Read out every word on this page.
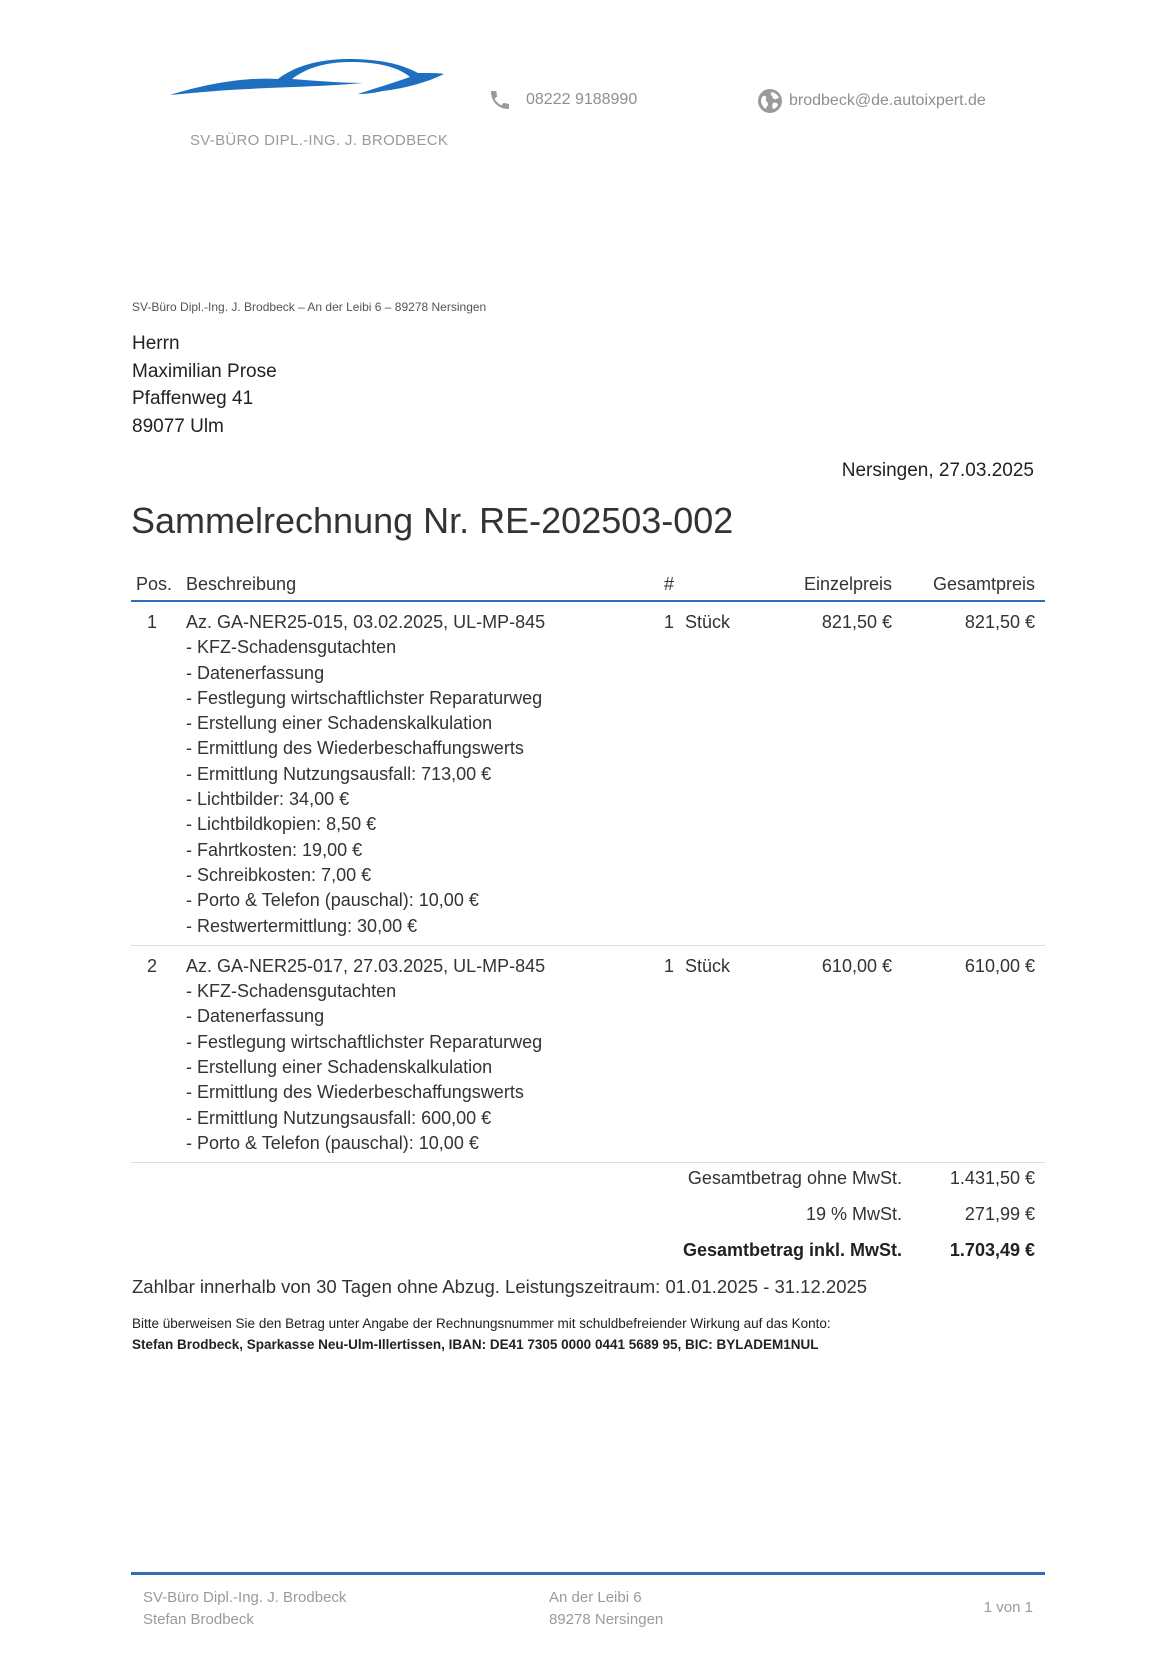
SV-BÜRO DIPL.-ING. J. BRODBECK
08222 9188990	brodbeck@de.autoixpert.de
SV-Büro Dipl.-Ing. J. Brodbeck – An der Leibi 6 – 89278 Nersingen
Herrn
Maximilian Prose
Pfaffenweg 41
89077 Ulm
Nersingen, 27.03.2025
Sammelrechnung Nr. RE-202503-002
Pos. Beschreibung	#	Einzelpreis Gesamtpreis
1 Az. GA-NER25-015, 03.02.2025, UL-MP-845
- KFZ-Schadensgutachten
- Datenerfassung
- Festlegung wirtschaftlichster Reparaturweg
- Erstellung einer Schadenskalkulation
- Ermittlung des Wiederbeschaffungswerts
- Ermittlung Nutzungsausfall: 713,00 €
- Lichtbilder: 34,00 €
- Lichtbildkopien: 8,50 €
- Fahrtkosten: 19,00 €
- Schreibkosten: 7,00 €
- Porto & Telefon (pauschal): 10,00 €
- Restwertermittlung: 30,00 €
1 Stück	821,50 €	821,50 €
2 Az. GA-NER25-017, 27.03.2025, UL-MP-845
- KFZ-Schadensgutachten
- Datenerfassung
- Festlegung wirtschaftlichster Reparaturweg
- Erstellung einer Schadenskalkulation
- Ermittlung des Wiederbeschaffungswerts
- Ermittlung Nutzungsausfall: 600,00 €
- Porto & Telefon (pauschal): 10,00 €
1 Stück	610,00 €	610,00 €
Gesamtbetrag ohne MwSt.	1.431,50 €
19 % MwSt.	271,99 €
Gesamtbetrag inkl. MwSt.	1.703,49 €
Zahlbar innerhalb von 30 Tagen ohne Abzug. Leistungszeitraum: 01.01.2025 - 31.12.2025
Bitte überweisen Sie den Betrag unter Angabe der Rechnungsnummer mit schuldbefreiender Wirkung auf das Konto:
Stefan Brodbeck, Sparkasse Neu-Ulm-Illertissen, IBAN: DE41 7305 0000 0441 5689 95, BIC: BYLADEM1NUL
SV-Büro Dipl.-Ing. J. Brodbeck
Stefan Brodbeck
An der Leibi 6
89278 Nersingen
1 von 1
